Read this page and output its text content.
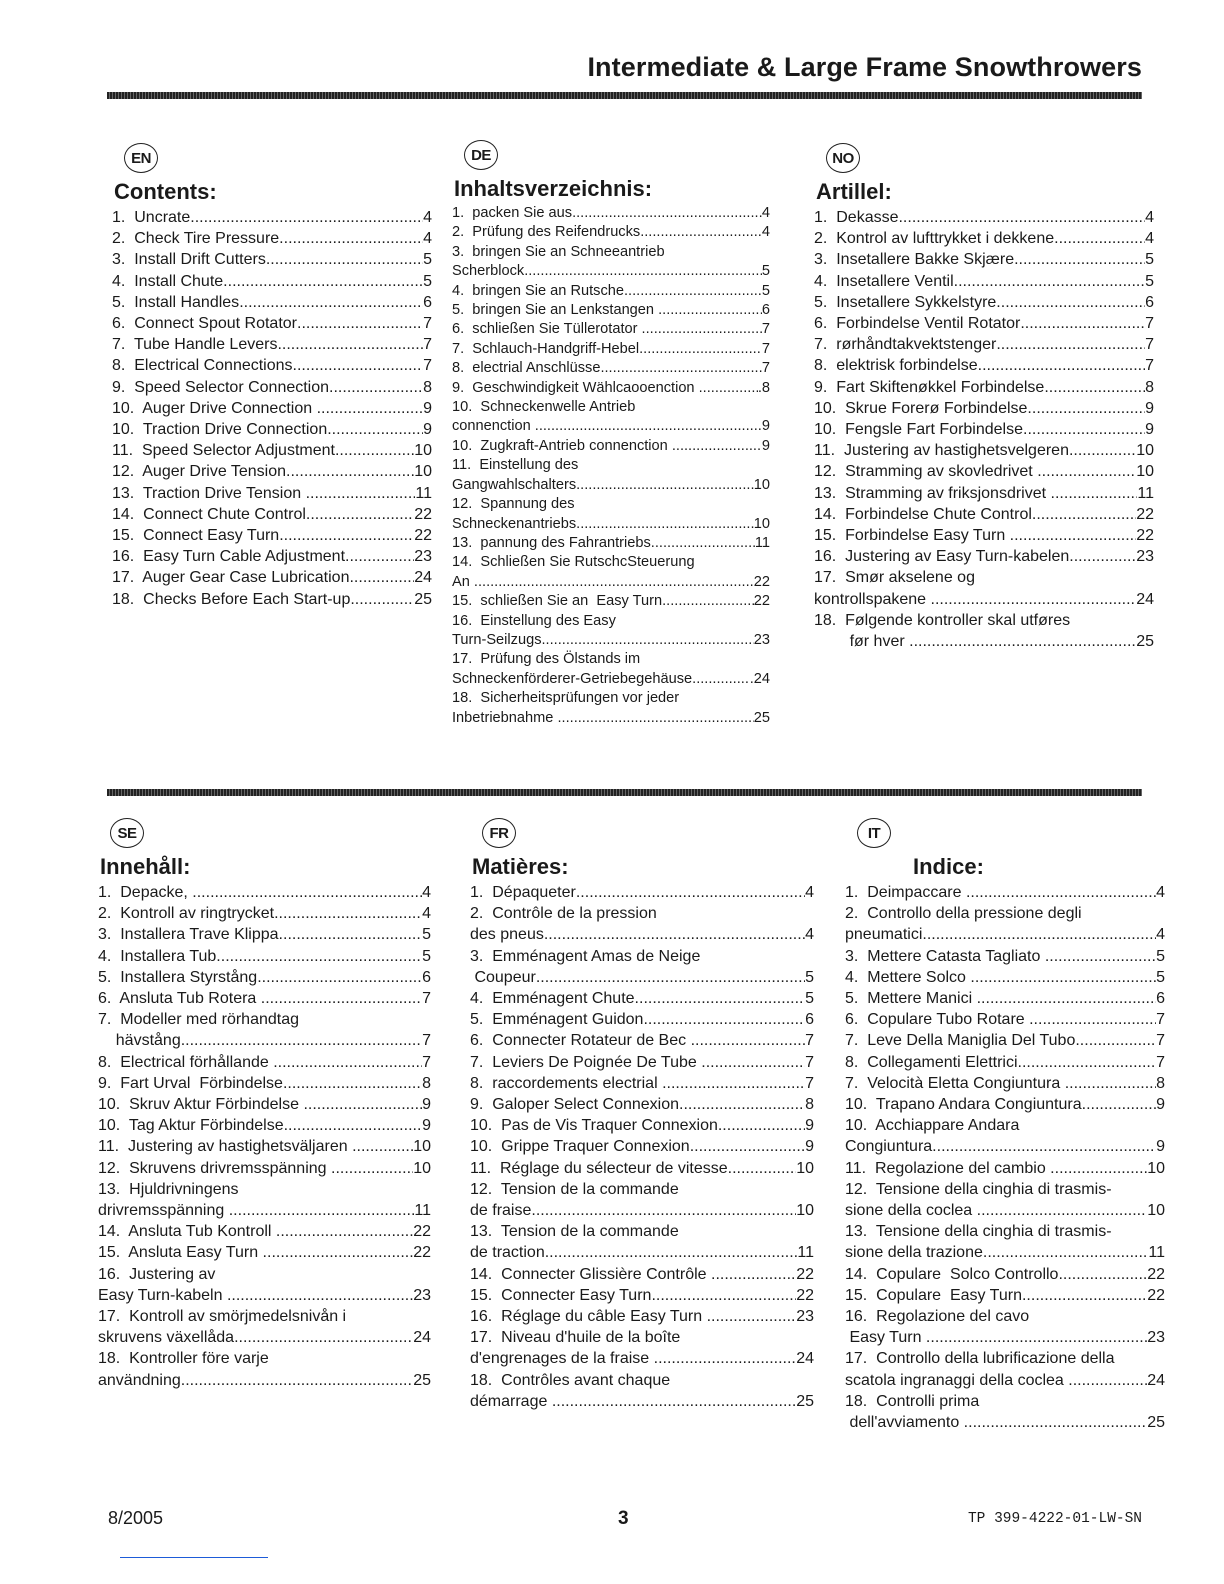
Intermediate & Large Frame Snowthrowers
EN
Contents:
1.  Uncrate .....	4
2.  Check Tire Pressure .....	4
3.  Install Drift Cutters .....	5
4.  Install Chute .....	5
5.  Install Handles .....	6
6.  Connect Spout Rotator .....	7
7.  Tube Handle Levers .....	7
8.  Electrical Connections .....	7
9.  Speed Selector Connection .....	8
10.  Auger Drive Connection .....	9
10.  Traction Drive Connection .....	9
11.  Speed Selector Adjustment .....	10
12.  Auger Drive Tension .....	10
13.  Traction Drive Tension .....	11
14.  Connect Chute Control .....	22
15.  Connect Easy Turn .....	22
16.  Easy Turn Cable Adjustment .....	23
17.  Auger Gear Case Lubrication .....	24
18.  Checks Before Each Start-up .....	25
DE
Inhaltsverzeichnis:
1.  packen Sie aus .....	4
2.  Prüfung des Reifendrucks .....	4
3.  bringen Sie an Schneeantrieb
Scherblock .....	5
4.  bringen Sie an Rutsche .....	5
5.  bringen Sie an Lenkstangen .....	6
6.  schließen Sie Tüllerotator .....	7
7.  Schlauch-Handgriff-Hebel .....	7
8.  electrial Anschlüsse .....	7
9.  Geschwindigkeit Wählcaooenction .....	.8
10.  Schneckenwelle Antrieb
connenction .....	9
10.  Zugkraft-Antrieb connenction .....	9
11.  Einstellung des
Gangwahlschalters .....	10
12.  Spannung des
Schneckenantriebs .....	10
13.  pannung des Fahrantriebs .....	11
14.  Schließen Sie RutschcSteuerung
An .....	22
15.  schließen Sie an  Easy Turn .....	22
16.  Einstellung des Easy
Turn-Seilzugs .....	23
17.  Prüfung des Ölstands im
Schneckenförderer-Getriebegehäuse .....	.24
18.  Sicherheitsprüfungen vor jeder
Inbetriebnahme .....	25
NO
Artillel:
1.  Dekasse .....	4
2.  Kontrol av lufttrykket i dekkene .....	4
3.  Insetallere Bakke Skjære .....	5
4.  Insetallere Ventil .....	5
5.  Insetallere Sykkelstyre .....	6
6.  Forbindelse Ventil Rotator .....	7
7.  rørhåndtakvektstenger .....	7
8.  elektrisk forbindelse .....	7
9.  Fart Skiftenøkkel Forbindelse .....	8
10.  Skrue Forerø Forbindelse .....	9
10.  Fengsle Fart Forbindelse .....	9
11.  Justering av hastighetsvelgeren .....	10
12.  Stramming av skovledrivet .....	10
13.  Stramming av friksjonsdrivet .....	11
14.  Forbindelse Chute Control .....	22
15.  Forbindelse Easy Turn .....	22
16.  Justering av Easy Turn-kabelen .....	23
17.  Smør akselene og
kontrollspakene .....	24
18.  Følgende kontroller skal utføres
før hver .....	25
SE
Innehåll:
1.  Depacke, .....	4
2.  Kontroll av ringtrycket .....	4
3.  Installera Trave Klippa .....	5
4.  Installera Tub .....	5
5.  Installera Styrstång .....	6
6.  Ansluta Tub Rotera .....	7
7.  Modeller med rörhandtag
hävstång .....	7
8.  Electrical förhållande .....	7
9.  Fart Urval  Förbindelse .....	8
10.  Skruv Aktur Förbindelse .....	9
10.  Tag Aktur Förbindelse .....	9
11.  Justering av hastighetsväljaren .....	10
12.  Skruvens drivremsspänning .....	10
13.  Hjuldrivningens
drivremsspänning .....	11
14.  Ansluta Tub Kontroll .....	22
15.  Ansluta Easy Turn .....	22
16.  Justering av
Easy Turn-kabeln .....	23
17.  Kontroll av smörjmedelsnivån i
skruvens växellåda .....	24
18.  Kontroller före varje
användning .....	25
FR
Matières:
1.  Dépaqueter .....	4
2.  Contrôle de la pression
des pneus .....	4
3.  Emménagent Amas de Neige
Coupeur .....	5
4.  Emménagent Chute .....	5
5.  Emménagent Guidon .....	6
6.  Connecter Rotateur de Bec .....	7
7.  Leviers De Poignée De Tube .....	7
8.  raccordements electrial .....	7
9.  Galoper Select Connexion .....	8
10.  Pas de Vis Traquer Connexion .....	9
10.  Grippe Traquer Connexion .....	9
11.  Réglage du sélecteur de vitesse .....	10
12.  Tension de la commande
de fraise .....	10
13.  Tension de la commande
de traction .....	11
14.  Connecter Glissière Contrôle .....	22
15.  Connecter Easy Turn .....	22
16.  Réglage du câble Easy Turn .....	23
17.  Niveau d'huile de la boîte
d'engrenages de la fraise .....	24
18.  Contrôles avant chaque
démarrage .....	25
IT
Indice:
1.  Deimpaccare .....	4
2.  Controllo della pressione degli
pneumatici .....	4
3.  Mettere Catasta Tagliato .....	5
4.  Mettere Solco .....	5
5.  Mettere Manici .....	6
6.  Copulare Tubo Rotare .....	7
7.  Leve Della Maniglia Del Tubo .....	7
8.  Collegamenti Elettrici .....	7
7.  Velocità Eletta Congiuntura .....	8
10.  Trapano Andara Congiuntura .....	9
10.  Acchiappare Andara
Congiuntura .....	9
11.  Regolazione del cambio .....	10
12.  Tensione della cinghia di trasmis-
sione della coclea .....	10
13.  Tensione della cinghia di trasmis-
sione della trazione .....	11
14.  Copulare  Solco Controllo .....	22
15.  Copulare  Easy Turn .....	22
16.  Regolazione del cavo
Easy Turn .....	23
17.  Controllo della lubrificazione della
scatola ingranaggi della coclea .....	24
18.  Controlli prima
dell'avviamento .....	25
8/2005	3	TP 399-4222-01-LW-SN
